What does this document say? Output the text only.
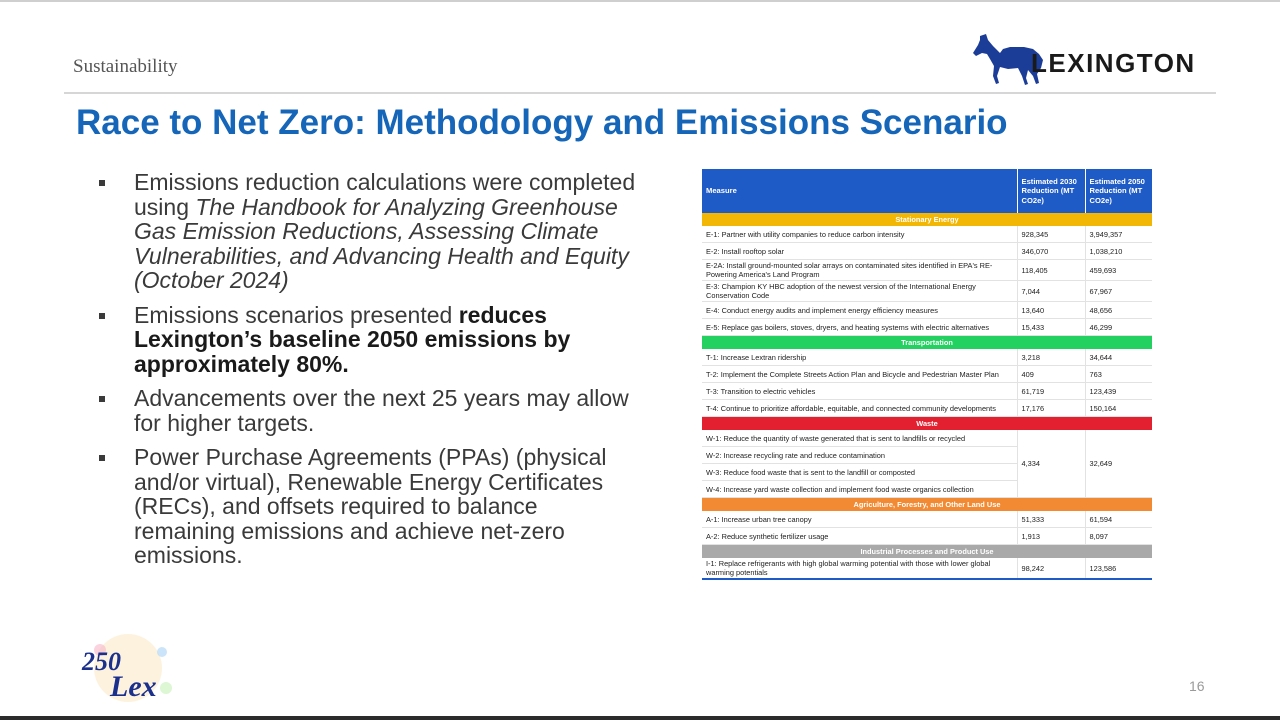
Sustainability	LEXINGTON
Race to Net Zero: Methodology and Emissions Scenario
Emissions reduction calculations were completed using The Handbook for Analyzing Greenhouse Gas Emission Reductions, Assessing Climate Vulnerabilities, and Advancing Health and Equity (October 2024)
Emissions scenarios presented reduces Lexington’s baseline 2050 emissions by approximately 80%.
Advancements over the next 25 years may allow for higher targets.
Power Purchase Agreements (PPAs) (physical and/or virtual), Renewable Energy Certificates (RECs), and offsets required to balance remaining emissions and achieve net-zero emissions.
Measure	Estimated 2030 Reduction (MT CO2e)	Estimated 2050 Reduction (MT CO2e)
Stationary Energy		
E-1: Partner with utility companies to reduce carbon intensity	928,345	3,949,357
E-2: Install rooftop solar	346,070	1,038,210
E-2A: Install ground-mounted solar arrays on contaminated sites identified in EPA's RE-Powering America's Land Program	118,405	459,693
E-3: Champion KY HBC adoption of the newest version of the International Energy Conservation Code	7,044	67,967
E-4: Conduct energy audits and implement energy efficiency measures	13,640	48,656
E-5: Replace gas boilers, stoves, dryers, and heating systems with electric alternatives	15,433	46,299
Transportation		
T-1: Increase Lextran ridership	3,218	34,644
T-2: Implement the Complete Streets Action Plan and Bicycle and Pedestrian Master Plan	409	763
T-3: Transition to electric vehicles	61,719	123,439
T-4: Continue to prioritize affordable, equitable, and connected community developments	17,176	150,164
Waste		
W-1: Reduce the quantity of waste generated that is sent to landfills or recycled	4,334	32,649
W-2: Increase recycling rate and reduce contamination		
W-3: Reduce food waste that is sent to the landfill or composted		
W-4: Increase yard waste collection and implement food waste organics collection		
Agriculture, Forestry, and Other Land Use		
A-1: Increase urban tree canopy	51,333	61,594
A-2: Reduce synthetic fertilizer usage	1,913	8,097
Industrial Processes and Product Use		
I-1: Replace refrigerants with high global warming potential with those with lower global warming potentials	98,242	123,586
250
Lex	16
